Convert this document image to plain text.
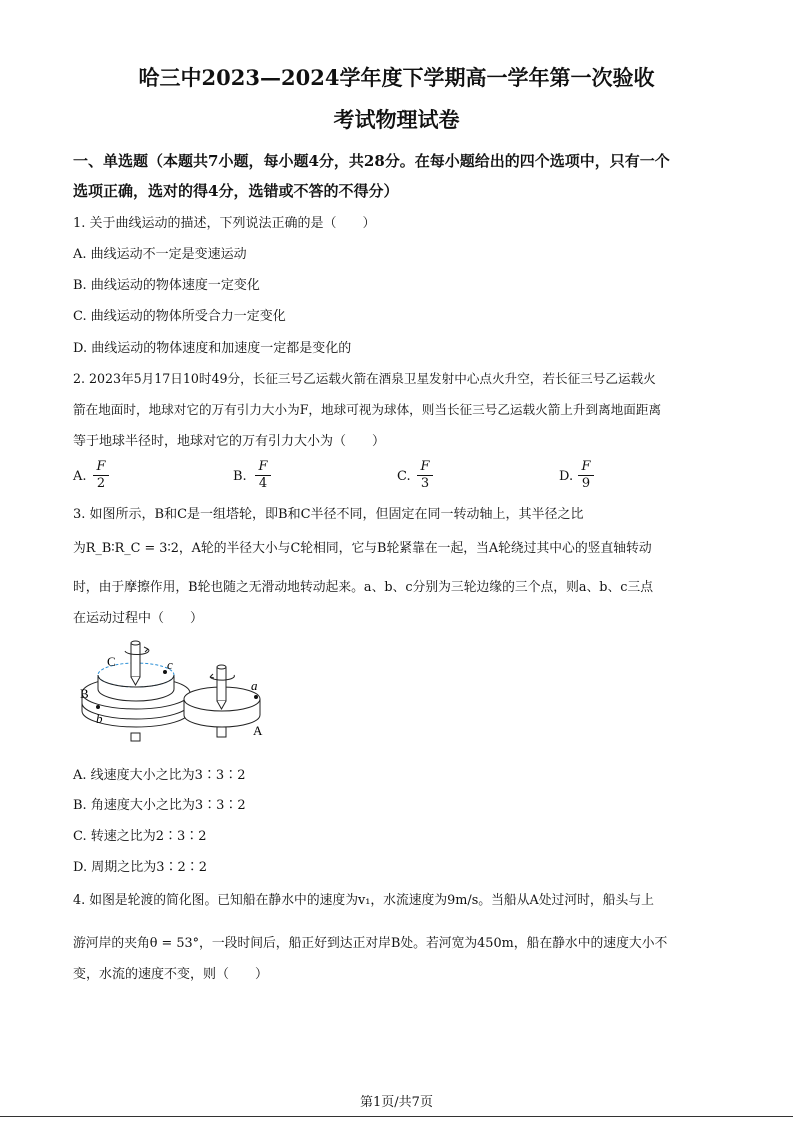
哈三中2023—2024学年度下学期高一学年第一次验收
考试物理试卷
一、单选题（本题共7小题，每小题4分，共28分。在每小题给出的四个选项中，只有一个
选项正确，选对的得4分，选错或不答的不得分）
1. 关于曲线运动的描述，下列说法正确的是（　　）
A. 曲线运动不一定是变速运动
B. 曲线运动的物体速度一定变化
C. 曲线运动的物体所受合力一定变化
D. 曲线运动的物体速度和加速度一定都是变化的
2. 2023年5月17日10时49分，长征三号乙运载火箭在酒泉卫星发射中心点火升空，若长征三号乙运载火
箭在地面时，地球对它的万有引力大小为F，地球可视为球体，则当长征三号乙运载火箭上升到离地面距离
等于地球半径时，地球对它的万有引力大小为（　　）
A.
F
2	B.
F
4	C.
F
3	D.
F
9
3. 如图所示，B和C是一组塔轮，即B和C半径不同，但固定在同一转动轴上，其半径之比
为R_B∶R_C = 3∶2，A轮的半径大小与C轮相同，它与B轮紧靠在一起，当A轮绕过其中心的竖直轴转动
时，由于摩擦作用，B轮也随之无滑动地转动起来。a、b、c分别为三轮边缘的三个点，则a、b、c三点
在运动过程中（　　）
C	c
B
b
a
A
A. 线速度大小之比为3∶3∶2
B. 角速度大小之比为3∶3∶2
C. 转速之比为2∶3∶2
D. 周期之比为3∶2∶2
4. 如图是轮渡的简化图。已知船在静水中的速度为v₁，水流速度为9m/s。当船从A处过河时，船头与上
游河岸的夹角θ = 53°，一段时间后，船正好到达正对岸B处。若河宽为450m，船在静水中的速度大小不
变，水流的速度不变，则（　　）
第1页/共7页
